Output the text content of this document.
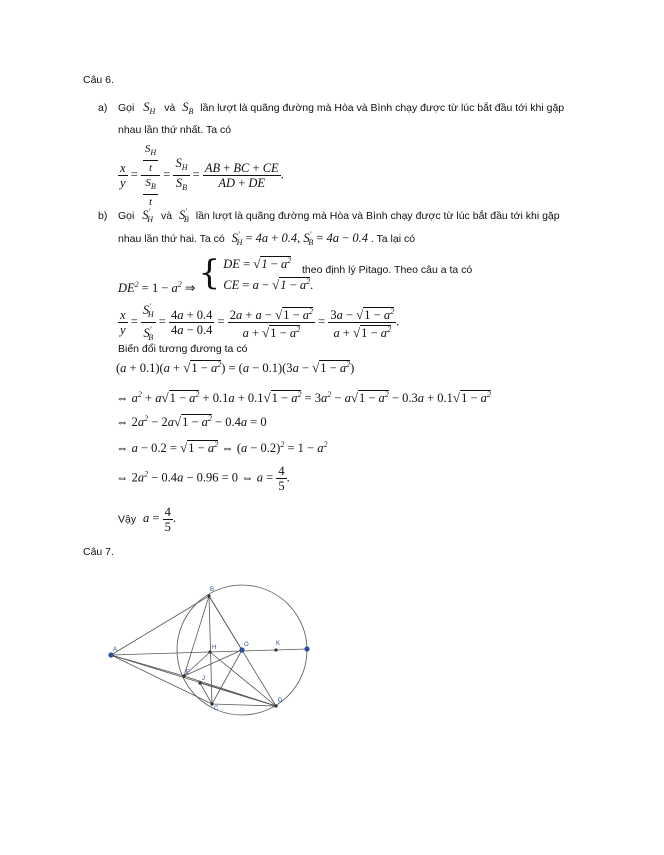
Câu 6.
a) Gọi $S_H$ và $S_B$ lần lượt là quãng đường mà Hòa và Bình chạy được từ lúc bắt đầu tới khi gặp
nhau lần thứ nhất. Ta có
$\frac{x}{y} = \frac{\frac{S_H}{t}}{\frac{S_B}{t}} = \frac{S_H}{S_B} = \frac{AB + BC + CE}{AD + DE}$ .
b) Gọi $S'_H$ và $S'_B$ lần lượt là quãng đường mà Hòa và Bình chạy được từ lúc bắt đầu tới khi gặp
nhau lần thứ hai. Ta có $S'_H = 4a + 0.4$, $S'_B = 4a - 0.4$ . Ta lại có
$DE^2 = 1 - a^2$ ⇒ { DE = $√1 - a^2$
CE = $a - √1 - a^2$.
theo định lý Pitago. Theo câu a ta có
$\frac{x}{y} = \frac{S'_H}{S'_B} = \frac{4a + 0.4}{4a - 0.4} = \frac{2a + a - √1 - a^2}{a + √1 - a^2} = \frac{3a - √1 - a^2}{a + √1 - a^2}$ .
Biến đổi tương đương ta có
$(a + 0.1)(a + √1 - a^2) = (a - 0.1)(3a - √1 - a^2)$
⇔ $a^2 + a√1 - a^2 + 0.1a + 0.1√1 - a^2 = 3a^2 - a√1 - a^2 - 0.3a + 0.1√1 - a^2$
⇔ $2a^2 - 2a√1 - a^2 - 0.4a = 0$
⇔ $a - 0.2 = √1 - a^2$ ⇔ $(a - 0.2)^2 = 1 - a^2$
⇔ $2a^2 - 0.4a - 0.96 = 0$ ⇔ $a = \frac{4}{5}$ .
Vậy $a = \frac{4}{5}$ .
Câu 7.
A
B
H	O	K
E
J
C
D
